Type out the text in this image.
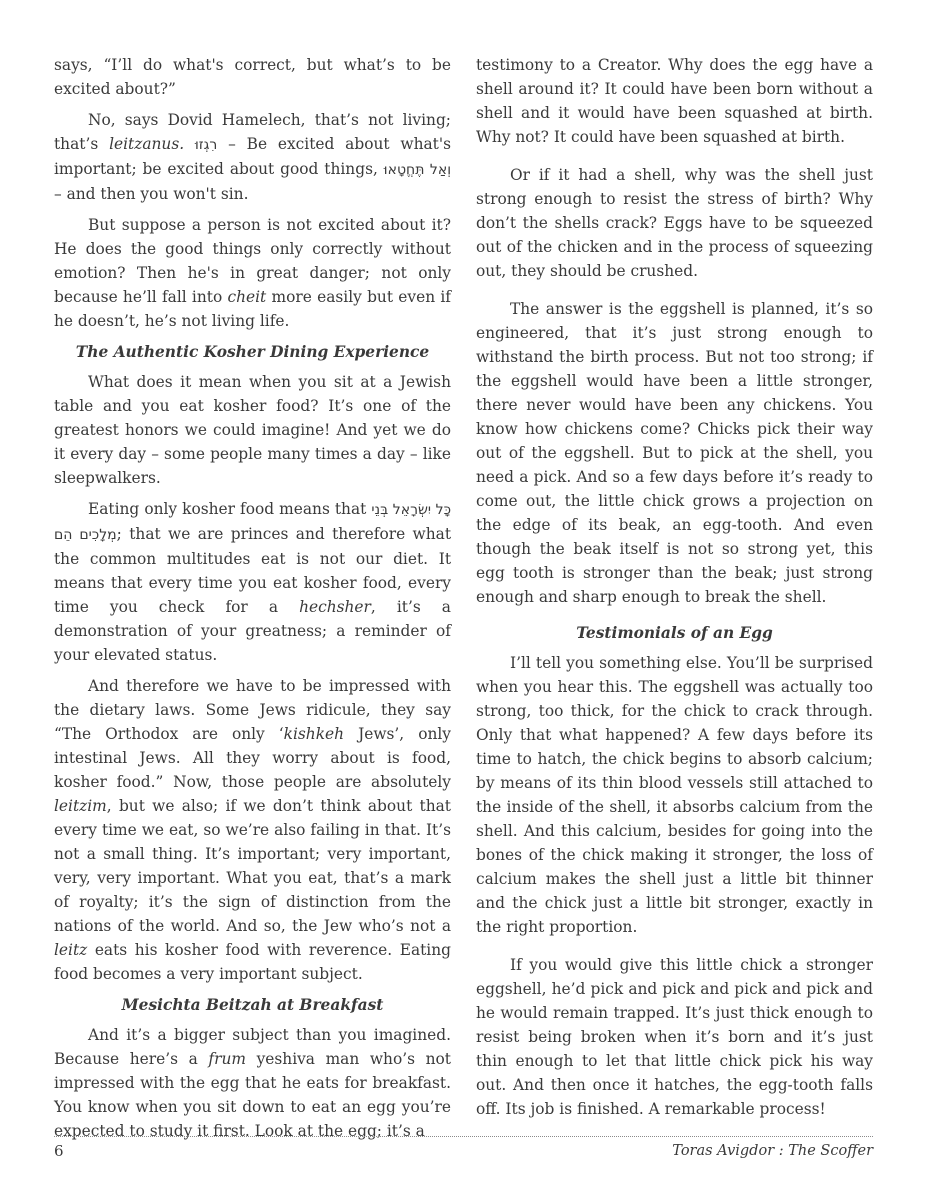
says, “I’ll do what's correct, but what’s to be excited about?”

No, says Dovid Hamelech, that’s not living; that’s leitzanus. רִגְזוּ – Be excited about what's important; be excited about good things, וְאַל תֶּחֱטָאוּ – and then you won't sin.

But suppose a person is not excited about it? He does the good things only correctly without emotion? Then he's in great danger; not only because he’ll fall into cheit more easily but even if he doesn’t, he’s not living life.

The Authentic Kosher Dining Experience

What does it mean when you sit at a Jewish table and you eat kosher food? It’s one of the greatest honors we could imagine! And yet we do it every day – some people many times a day – like sleepwalkers.

Eating only kosher food means that כָּל יִשְׂרָאֵל בְּנֵי מְלָכִים הֵם; that we are princes and therefore what the common multitudes eat is not our diet. It means that every time you eat kosher food, every time you check for a hechsher, it’s a demonstration of your greatness; a reminder of your elevated status.

And therefore we have to be impressed with the dietary laws. Some Jews ridicule, they say “The Orthodox are only ‘kishkeh Jews’, only intestinal Jews. All they worry about is food, kosher food.” Now, those people are absolutely leitzim, but we also; if we don’t think about that every time we eat, so we’re also failing in that. It’s not a small thing. It’s important; very important, very, very important. What you eat, that’s a mark of royalty; it’s the sign of distinction from the nations of the world. And so, the Jew who’s not a leitz eats his kosher food with reverence. Eating food becomes a very important subject.

Mesichta Beitzah at Breakfast

And it’s a bigger subject than you imagined. Because here’s a frum yeshiva man who’s not impressed with the egg that he eats for breakfast. You know when you sit down to eat an egg you’re expected to study it first. Look at the egg; it’s a

testimony to a Creator. Why does the egg have a shell around it? It could have been born without a shell and it would have been squashed at birth. Why not? It could have been squashed at birth.

Or if it had a shell, why was the shell just strong enough to resist the stress of birth? Why don’t the shells crack? Eggs have to be squeezed out of the chicken and in the process of squeezing out, they should be crushed.

The answer is the eggshell is planned, it’s so engineered, that it’s just strong enough to withstand the birth process. But not too strong; if the eggshell would have been a little stronger, there never would have been any chickens. You know how chickens come? Chicks pick their way out of the eggshell. But to pick at the shell, you need a pick. And so a few days before it’s ready to come out, the little chick grows a projection on the edge of its beak, an egg-tooth. And even though the beak itself is not so strong yet, this egg tooth is stronger than the beak; just strong enough and sharp enough to break the shell.

Testimonials of an Egg

I’ll tell you something else. You’ll be surprised when you hear this. The eggshell was actually too strong, too thick, for the chick to crack through. Only that what happened? A few days before its time to hatch, the chick begins to absorb calcium; by means of its thin blood vessels still attached to the inside of the shell, it absorbs calcium from the shell. And this calcium, besides for going into the bones of the chick making it stronger, the loss of calcium makes the shell just a little bit thinner and the chick just a little bit stronger, exactly in the right proportion.

If you would give this little chick a stronger eggshell, he’d pick and pick and pick and pick and he would remain trapped. It’s just thick enough to resist being broken when it’s born and it’s just thin enough to let that little chick pick his way out. And then once it hatches, the egg-tooth falls off. Its job is finished. A remarkable process!

6	Toras Avigdor : The Scoffer
